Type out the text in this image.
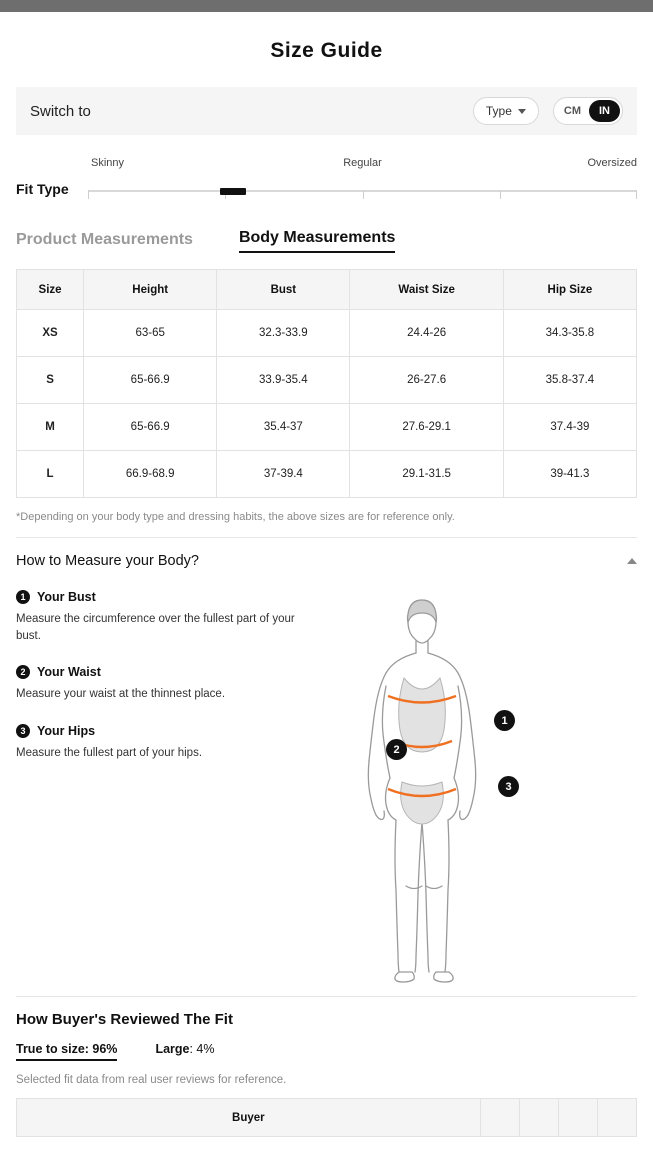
Size Guide
Switch to	Type	CM	IN
Skinny	Regular	Oversized
Fit Type
Product Measurements	Body Measurements
Size	Height	Bust	Waist Size	Hip Size
XS	63-65	32.3-33.9	24.4-26	34.3-35.8
S	65-66.9	33.9-35.4	26-27.6	35.8-37.4
M	65-66.9	35.4-37	27.6-29.1	37.4-39
L	66.9-68.9	37-39.4	29.1-31.5	39-41.3
*Depending on your body type and dressing habits, the above sizes are for reference only.
How to Measure your Body?
1 Your Bust
Measure the circumference over the fullest part of your bust.
2 Your Waist
Measure your waist at the thinnest place.
3 Your Hips
Measure the fullest part of your hips.
1
2
3
How Buyer's Reviewed The Fit
True to size: 96%	Large: 4%
Selected fit data from real user reviews for reference.
Buyer				
